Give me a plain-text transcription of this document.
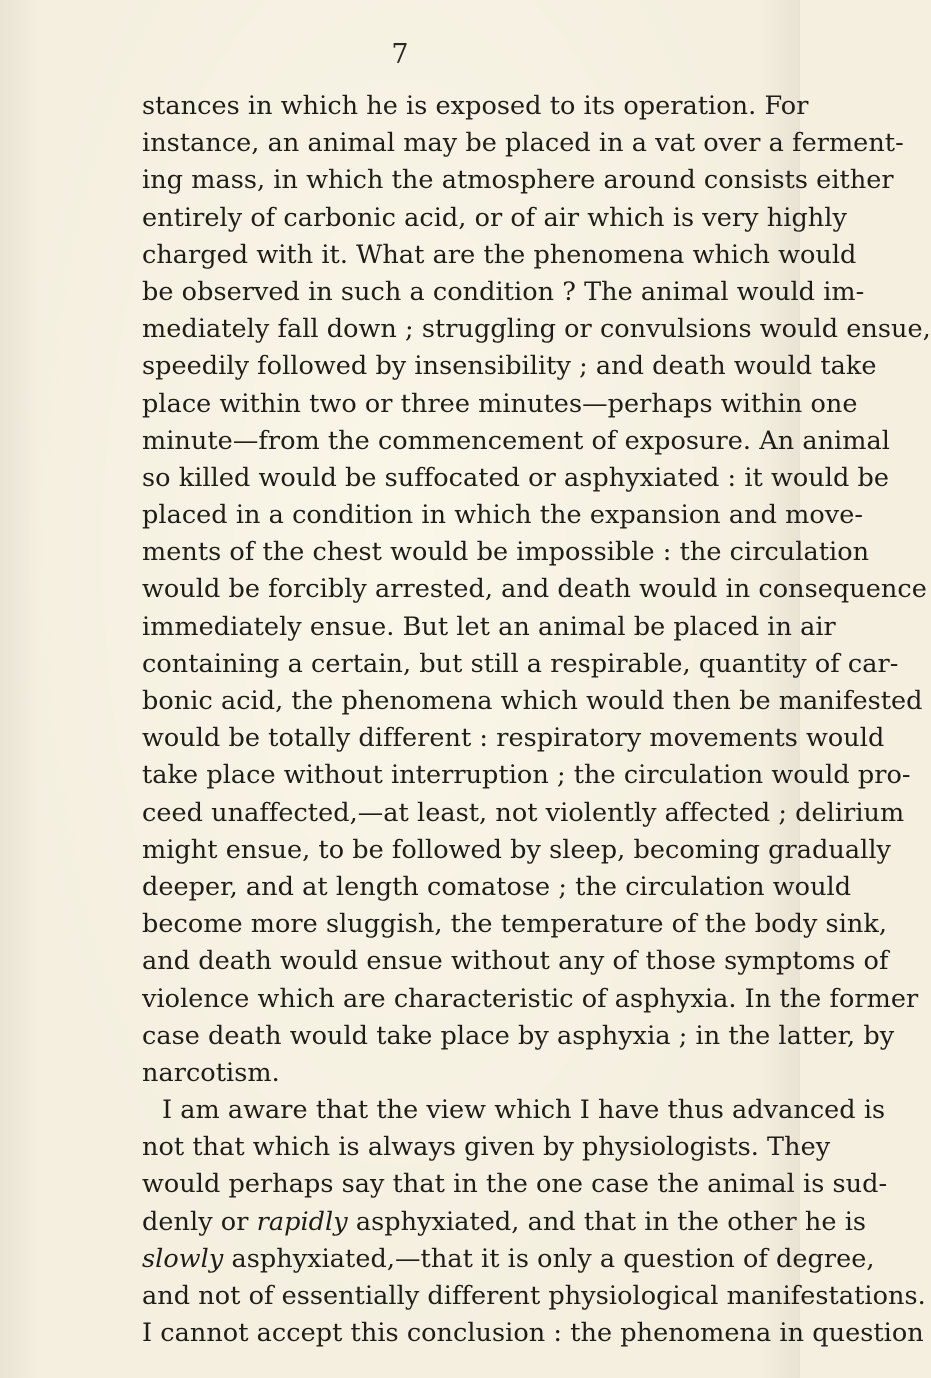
7
stances in which he is exposed to its operation. For
instance, an animal may be placed in a vat over a ferment-
ing mass, in which the atmosphere around consists either
entirely of carbonic acid, or of air which is very highly
charged with it. What are the phenomena which would
be observed in such a condition ? The animal would im-
mediately fall down ; struggling or convulsions would ensue,
speedily followed by insensibility ; and death would take
place within two or three minutes—perhaps within one
minute—from the commencement of exposure. An animal
so killed would be suffocated or asphyxiated : it would be
placed in a condition in which the expansion and move-
ments of the chest would be impossible : the circulation
would be forcibly arrested, and death would in consequence
immediately ensue. But let an animal be placed in air
containing a certain, but still a respirable, quantity of car-
bonic acid, the phenomena which would then be manifested
would be totally different : respiratory movements would
take place without interruption ; the circulation would pro-
ceed unaffected,—at least, not violently affected ; delirium
might ensue, to be followed by sleep, becoming gradually
deeper, and at length comatose ; the circulation would
become more sluggish, the temperature of the body sink,
and death would ensue without any of those symptoms of
violence which are characteristic of asphyxia. In the former
case death would take place by asphyxia ; in the latter, by
narcotism.
I am aware that the view which I have thus advanced is
not that which is always given by physiologists. They
would perhaps say that in the one case the animal is sud-
denly or rapidly asphyxiated, and that in the other he is
slowly asphyxiated,—that it is only a question of degree,
and not of essentially different physiological manifestations.
I cannot accept this conclusion : the phenomena in question
